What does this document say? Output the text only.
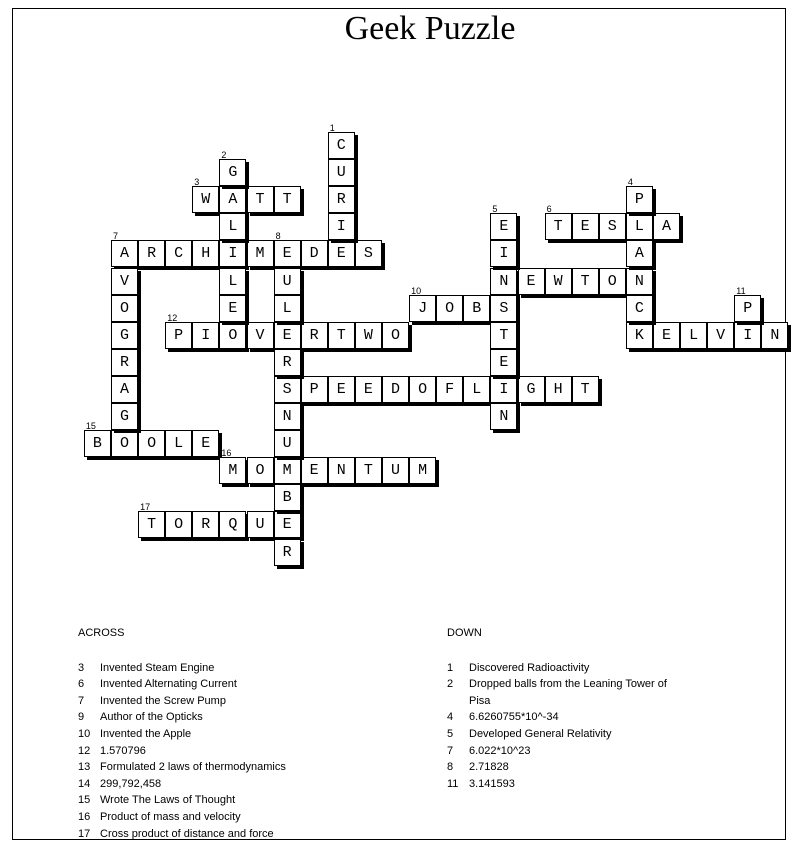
Geek Puzzle
W
3
A	T	T
T
6
E	S	L	A
A
7
R	C	H	I	M	E
8
D	E	S
N	E	W	T	O	N
J
10
O	B	S
P
12
I	O	V	E	R	T	W	O	K	E	L	V	I	N
S	P	E	E	D	O	F	L	I	G	H	T
B
15
O	O	L	E
M
16
O	M	E	N	T	U	M
T
17
O	R	Q	U	E
C
1
U
R
I
G
2
L
L
E
P
4
A
C
E
5
I
T
E
N
V
O
G
R
A
G
U
L
R
N
U
B
R
P
11
ACROSS
3	Invented Steam Engine
6	Invented Alternating Current
7	Invented the Screw Pump
9	Author of the Opticks
10 Invented the Apple
12 1.570796
13 Formulated 2 laws of thermodynamics
14 299,792,458
15 Wrote The Laws of Thought
16 Product of mass and velocity
17 Cross product of distance and force
DOWN
1	Discovered Radioactivity
2	Dropped balls from the Leaning Tower of Pisa
4	6.6260755*10^-34
5	Developed General Relativity
7	6.022*10^23
8	2.71828
11 3.141593
